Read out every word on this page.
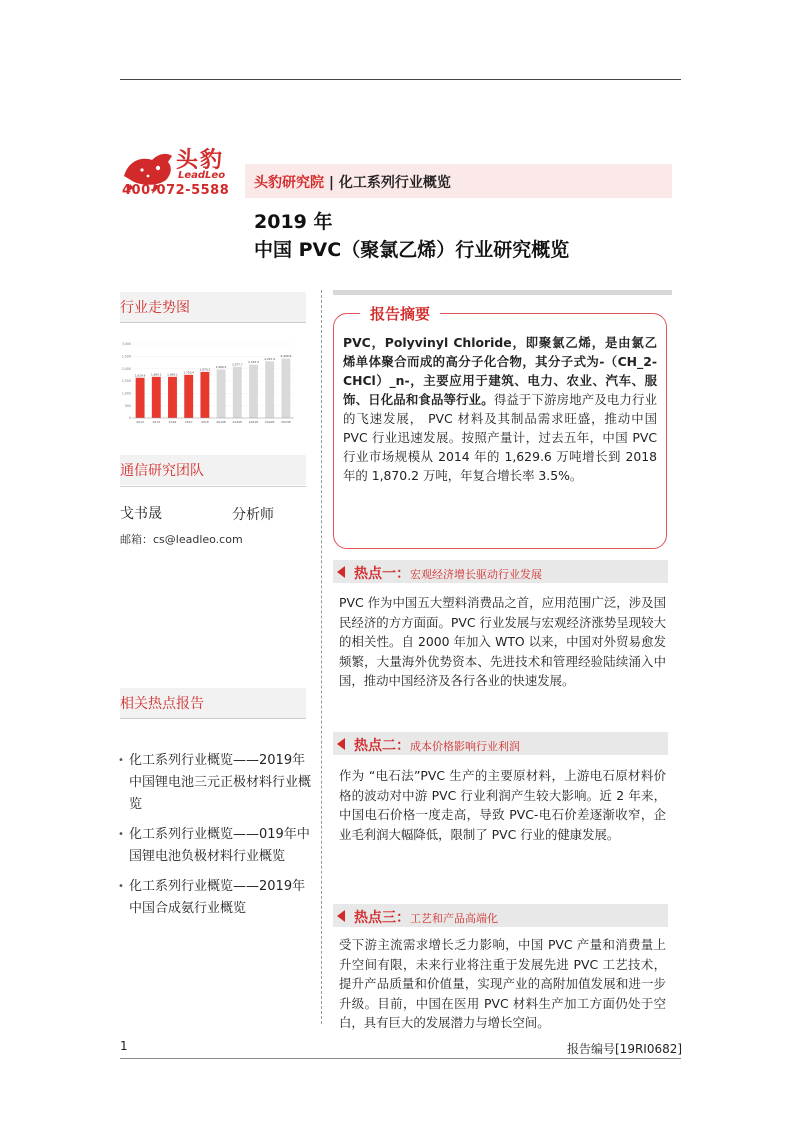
头豹
LeadLeo
400-072-5588 头豹研究院 | 化工系列行业概览
2019 年
中国 PVC（聚氯乙烯）行业研究概览
行业走势图
0
500
1,000
1,500
2,000
2,500
3,000
1,629.6
2014
1,669.1
2015
1,669.1
2016
1,750.4
2017
1,870.2
2018
1,966.5
2019E
2,077.7
2020E
2,163.4
2021E
2,297.9
2022E
2,409.6
2023E
通信研究团队
戈书晟	分析师
邮箱：cs@leadleo.com
相关热点报告
• 化工系列行业概览——2019年中国锂电池三元正极材料行业概览
• 化工系列行业概览——019年中国锂电池负极材料行业概览
• 化工系列行业概览——2019年中国合成氨行业概览
报告摘要
PVC，Polyvinyl Chloride，即聚氯乙烯，是由氯乙烯单体聚合而成的高分子化合物，其分子式为-（CH_2-CHCl）_n-，主要应用于建筑、电力、农业、汽车、服饰、日化品和食品等行业。得益于下游房地产及电力行业的飞速发展， PVC 材料及其制品需求旺盛，推动中国 PVC 行业迅速发展。按照产量计，过去五年，中国 PVC 行业市场规模从 2014 年的 1,629.6 万吨增长到 2018 年的 1,870.2 万吨，年复合增长率 3.5%。
热点一：宏观经济增长驱动行业发展
PVC 作为中国五大塑料消费品之首，应用范围广泛，涉及国民经济的方方面面。PVC 行业发展与宏观经济涨势呈现较大的相关性。自 2000 年加入 WTO 以来，中国对外贸易愈发频繁，大量海外优势资本、先进技术和管理经验陆续涌入中国，推动中国经济及各行各业的快速发展。
热点二：成本价格影响行业利润
作为 “电石法”PVC 生产的主要原材料，上游电石原材料价格的波动对中游 PVC 行业利润产生较大影响。近 2 年来，中国电石价格一度走高，导致 PVC-电石价差逐渐收窄，企业毛利润大幅降低，限制了 PVC 行业的健康发展。
热点三：工艺和产品高端化
受下游主流需求增长乏力影响，中国 PVC 产量和消费量上升空间有限，未来行业将注重于发展先进 PVC 工艺技术，提升产品质量和价值量，实现产业的高附加值发展和进一步升级。目前，中国在医用 PVC 材料生产加工方面仍处于空白，具有巨大的发展潜力与增长空间。
1	报告编号[19RI0682]
